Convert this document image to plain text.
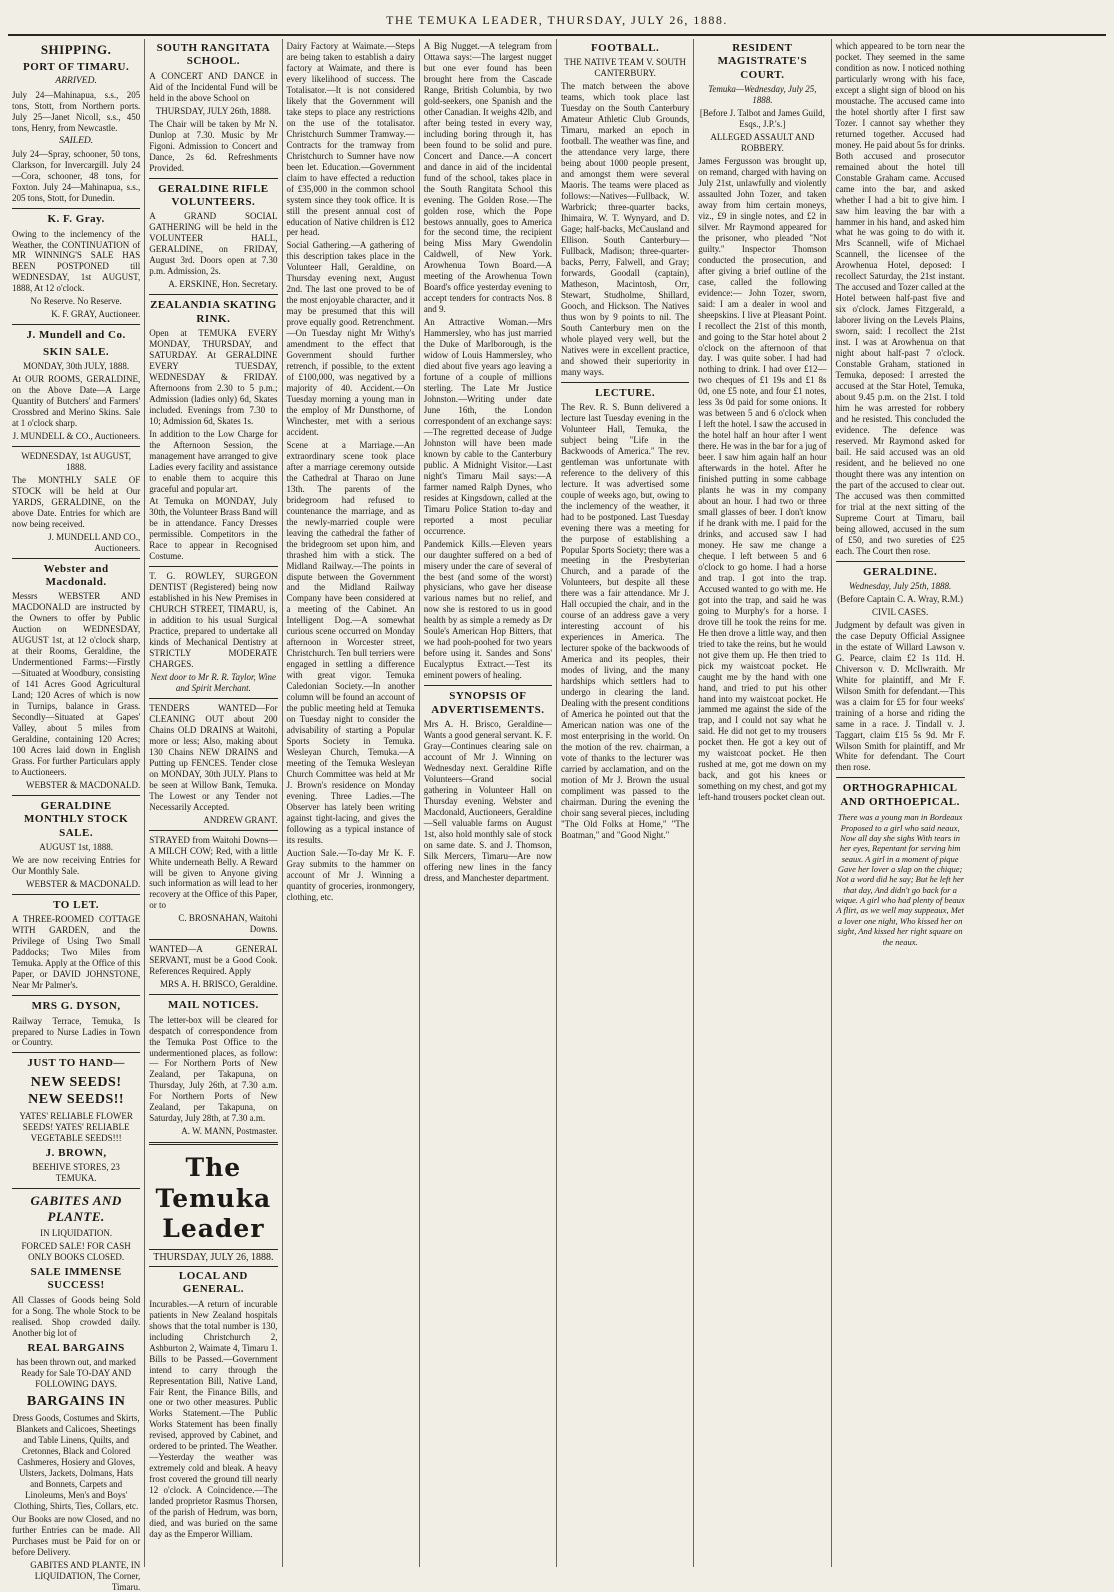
THE TEMUKA LEADER, THURSDAY, JULY 26, 1888.
SHIPPING.
PORT OF TIMARU.
ARRIVED.
July 24—Mahinapua, s.s., 205 tons, Stott, from Northern ports. July 25—Janet Nicoll, s.s., 450 tons, Henry, from Newcastle.
SAILED.
July 24—Spray, schooner, 50 tons, Clarkson, for Invercargill. July 24—Cora, schooner, 48 tons, for Foxton. July 24—Mahinapua, s.s., 205 tons, Stott, for Dunedin.
K. F. Gray.
Owing to the inclemency of the Weather, the CONTINUATION of MR WINNING'S SALE HAS BEEN POSTPONED till WEDNESDAY, 1st AUGUST, 1888, At 12 o'clock.
No Reserve. No Reserve.
K. F. GRAY, Auctioneer.
J. Mundell and Co.
SKIN SALE.
MONDAY, 30th JULY, 1888.
At OUR ROOMS, GERALDINE, on the Above Date—A Large Quantity of Butchers' and Farmers' Crossbred and Merino Skins. Sale at 1 o'clock sharp.
J. MUNDELL & CO., Auctioneers.
WEDNESDAY, 1st AUGUST, 1888.
The MONTHLY SALE OF STOCK will be held at Our YARDS, GERALDINE, on the above Date. Entries for which are now being received.
J. MUNDELL AND CO., Auctioneers.
Webster and Macdonald.
Messrs WEBSTER AND MACDONALD are instructed by the Owners to offer by Public Auction on WEDNESDAY, AUGUST 1st, at 12 o'clock sharp, at their Rooms, Geraldine, the Undermentioned Farms:—Firstly—Situated at Woodbury, consisting of 141 Acres Good Agricultural Land; 120 Acres of which is now in Turnips, balance in Grass. Secondly—Situated at Gapes' Valley, about 5 miles from Geraldine, containing 120 Acres; 100 Acres laid down in English Grass. For further Particulars apply to Auctioneers.
WEBSTER & MACDONALD.
GERALDINE MONTHLY STOCK SALE.
AUGUST 1st, 1888.
We are now receiving Entries for Our Monthly Sale.
WEBSTER & MACDONALD.
TO LET.
A THREE-ROOMED COTTAGE WITH GARDEN, and the Privilege of Using Two Small Paddocks; Two Miles from Temuka. Apply at the Office of this Paper, or DAVID JOHNSTONE, Near Mr Palmer's.
MRS G. DYSON,
Railway Terrace, Temuka, Is prepared to Nurse Ladies in Town or Country.
JUST TO HAND—
NEW SEEDS! NEW SEEDS!!
YATES' RELIABLE FLOWER SEEDS! YATES' RELIABLE VEGETABLE SEEDS!!!
J. BROWN,
BEEHIVE STORES, 23 TEMUKA.
GABITES AND PLANTE.
IN LIQUIDATION.
FORCED SALE! FOR CASH ONLY BOOKS CLOSED.
SALE IMMENSE SUCCESS!
All Classes of Goods being Sold for a Song. The whole Stock to be realised. Shop crowded daily. Another big lot of
REAL BARGAINS
has been thrown out, and marked Ready for Sale TO-DAY AND FOLLOWING DAYS.
BARGAINS IN
Dress Goods, Costumes and Skirts, Blankets and Calicoes, Sheetings and Table Linens, Quilts, and Cretonnes, Black and Colored Cashmeres, Hosiery and Gloves, Ulsters, Jackets, Dolmans, Hats and Bonnets, Carpets and Linoleums, Men's and Boys' Clothing, Shirts, Ties, Collars, etc.
Our Books are now Closed, and no further Entries can be made. All Purchases must be Paid for on or before Delivery.
GABITES AND PLANTE, IN LIQUIDATION, The Corner, Timaru.
SOUTH RANGITATA SCHOOL.
A CONCERT AND DANCE in Aid of the Incidental Fund will be held in the above School on
THURSDAY, JULY 26th, 1888.
The Chair will be taken by Mr N. Dunlop at 7.30. Music by Mr Figoni. Admission to Concert and Dance, 2s 6d. Refreshments Provided.
GERALDINE RIFLE VOLUNTEERS.
A GRAND SOCIAL GATHERING will be held in the VOLUNTEER HALL, GERALDINE, on FRIDAY, August 3rd. Doors open at 7.30 p.m. Admission, 2s.
A. ERSKINE, Hon. Secretary.
ZEALANDIA SKATING RINK.
Open at TEMUKA EVERY MONDAY, THURSDAY, and SATURDAY. At GERALDINE EVERY TUESDAY, WEDNESDAY & FRIDAY. Afternoons from 2.30 to 5 p.m.; Admission (ladies only) 6d, Skates included. Evenings from 7.30 to 10; Admission 6d, Skates 1s.
In addition to the Low Charge for the Afternoon Session, the management have arranged to give Ladies every facility and assistance to enable them to acquire this graceful and popular art.
At Temuka on MONDAY, July 30th, the Volunteer Brass Band will be in attendance. Fancy Dresses permissible. Competitors in the Race to appear in Recognised Costume.
T. G. ROWLEY, SURGEON DENTIST (Registered) being now established in his New Premises in CHURCH STREET, TIMARU, is, in addition to his usual Surgical Practice, prepared to undertake all kinds of Mechanical Dentistry at STRICTLY MODERATE CHARGES.
Next door to Mr R. R. Taylor, Wine and Spirit Merchant.
TENDERS WANTED—For CLEANING OUT about 200 Chains OLD DRAINS at Waitohi, more or less; Also, making about 130 Chains NEW DRAINS and Putting up FENCES. Tender close on MONDAY, 30th JULY. Plans to be seen at Willow Bank, Temuka. The Lowest or any Tender not Necessarily Accepted.
ANDREW GRANT.
STRAYED from Waitohi Downs—A MILCH COW; Red, with a little White underneath Belly. A Reward will be given to Anyone giving such information as will lead to her recovery at the Office of this Paper, or to
C. BROSNAHAN, Waitohi Downs.
WANTED—A GENERAL SERVANT, must be a Good Cook. References Required. Apply
MRS A. H. BRISCO, Geraldine.
MAIL NOTICES.
The letter-box will be cleared for despatch of correspondence from the Temuka Post Office to the undermentioned places, as follow:— For Northern Ports of New Zealand, per Takapuna, on Thursday, July 26th, at 7.30 a.m. For Northern Ports of New Zealand, per Takapuna, on Saturday, July 28th, at 7.30 a.m.
A. W. MANN, Postmaster.
The Temuka Leader
THURSDAY, JULY 26, 1888.
LOCAL AND GENERAL.
Incurables.—A return of incurable patients in New Zealand hospitals shows that the total number is 130, including Christchurch 2, Ashburton 2, Waimate 4, Timaru 1. Bills to be Passed.—Government intend to carry through the Representation Bill, Native Land, Fair Rent, the Finance Bills, and one or two other measures. Public Works Statement.—The Public Works Statement has been finally revised, approved by Cabinet, and ordered to be printed. The Weather.—Yesterday the weather was extremely cold and bleak. A heavy frost covered the ground till nearly 12 o'clock. A Coincidence.—The landed proprietor Rasmus Thorsen, of the parish of Hedrum, was born, died, and was buried on the same day as the Emperor William.
Dairy Factory at Waimate.—Steps are being taken to establish a dairy factory at Waimate, and there is every likelihood of success. The Totalisator.—It is not considered likely that the Government will take steps to place any restrictions on the use of the totalisator. Christchurch Summer Tramway.—Contracts for the tramway from Christchurch to Sumner have now been let. Education.—Government claim to have effected a reduction of £35,000 in the common school system since they took office. It is still the present annual cost of education of Native children is £12 per head.
Social Gathering.—A gathering of this description takes place in the Volunteer Hall, Geraldine, on Thursday evening next, August 2nd. The last one proved to be of the most enjoyable character, and it may be presumed that this will prove equally good. Retrenchment.—On Tuesday night Mr Withy's amendment to the effect that Government should further retrench, if possible, to the extent of £100,000, was negatived by a majority of 40. Accident.—On Tuesday morning a young man in the employ of Mr Dunsthorne, of Winchester, met with a serious accident.
Scene at a Marriage.—An extraordinary scene took place after a marriage ceremony outside the Cathedral at Tharao on June 13th. The parents of the bridegroom had refused to countenance the marriage, and as the newly-married couple were leaving the cathedral the father of the bridegroom set upon him, and thrashed him with a stick. The Midland Railway.—The points in dispute between the Government and the Midland Railway Company have been considered at a meeting of the Cabinet. An Intelligent Dog.—A somewhat curious scene occurred on Monday afternoon in Worcester street, Christchurch. Ten bull terriers were engaged in settling a difference with great vigor. Temuka Caledonian Society.—In another column will be found an account of the public meeting held at Temuka on Tuesday night to consider the advisability of starting a Popular Sports Society in Temuka. Wesleyan Church, Temuka.—A meeting of the Temuka Wesleyan Church Committee was held at Mr J. Brown's residence on Monday evening. Three Ladies.—The Observer has lately been writing against tight-lacing, and gives the following as a typical instance of its results.
Auction Sale.—To-day Mr K. F. Gray submits to the hammer on account of Mr J. Winning a quantity of groceries, ironmongery, clothing, etc.
A Big Nugget.—A telegram from Ottawa says:—The largest nugget but one ever found has been brought here from the Cascade Range, British Columbia, by two gold-seekers, one Spanish and the other Canadian. It weighs 42lb, and after being tested in every way, including boring through it, has been found to be solid and pure. Concert and Dance.—A concert and dance in aid of the incidental fund of the school, takes place in the South Rangitata School this evening. The Golden Rose.—The golden rose, which the Pope bestows annually, goes to America for the second time, the recipient being Miss Mary Gwendolin Caldwell, of New York. Arowhenua Town Board.—A meeting of the Arowhenua Town Board's office yesterday evening to accept tenders for contracts Nos. 8 and 9.
An Attractive Woman.—Mrs Hammersley, who has just married the Duke of Marlborough, is the widow of Louis Hammersley, who died about five years ago leaving a fortune of a couple of millions sterling. The Late Mr Justice Johnston.—Writing under date June 16th, the London correspondent of an exchange says:—The regretted decease of Judge Johnston will have been made known by cable to the Canterbury public. A Midnight Visitor.—Last night's Timaru Mail says:—A farmer named Ralph Dynes, who resides at Kingsdown, called at the Timaru Police Station to-day and reported a most peculiar occurrence.
Pandemick Kills.—Eleven years our daughter suffered on a bed of misery under the care of several of the best (and some of the worst) physicians, who gave her disease various names but no relief, and now she is restored to us in good health by as simple a remedy as Dr Soule's American Hop Bitters, that we had pooh-poohed for two years before using it. Sandes and Sons' Eucalyptus Extract.—Test its eminent powers of healing.
SYNOPSIS OF ADVERTISEMENTS.
Mrs A. H. Brisco, Geraldine—Wants a good general servant. K. F. Gray—Continues clearing sale on account of Mr J. Winning on Wednesday next. Geraldine Rifle Volunteers—Grand social gathering in Volunteer Hall on Thursday evening. Webster and Macdonald, Auctioneers, Geraldine—Sell valuable farms on August 1st, also hold monthly sale of stock on same date. S. and J. Thomson, Silk Mercers, Timaru—Are now offering new lines in the fancy dress, and Manchester department.
FOOTBALL.
THE NATIVE TEAM V. SOUTH CANTERBURY.
The match between the above teams, which took place last Tuesday on the South Canterbury Amateur Athletic Club Grounds, Timaru, marked an epoch in football. The weather was fine, and the attendance very large, there being about 1000 people present, and amongst them were several Maoris. The teams were placed as follows:—Natives—Fullback, W. Warbrick; three-quarter backs, Ihimaira, W. T. Wynyard, and D. Gage; half-backs, McCausland and Ellison. South Canterbury—Fullback, Madison; three-quarter-backs, Perry, Falwell, and Gray; forwards, Goodall (captain), Matheson, Macintosh, Orr, Stewart, Studholme, Shillard, Gooch, and Hickson. The Natives thus won by 9 points to nil. The South Canterbury men on the whole played very well, but the Natives were in excellent practice, and showed their superiority in many ways.
LECTURE.
The Rev. R. S. Bunn delivered a lecture last Tuesday evening in the Volunteer Hall, Temuka, the subject being "Life in the Backwoods of America." The rev. gentleman was unfortunate with reference to the delivery of this lecture. It was advertised some couple of weeks ago, but, owing to the inclemency of the weather, it had to be postponed. Last Tuesday evening there was a meeting for the purpose of establishing a Popular Sports Society; there was a meeting in the Presbyterian Church, and a parade of the Volunteers, but despite all these there was a fair attendance. Mr J. Hall occupied the chair, and in the course of an address gave a very interesting account of his experiences in America. The lecturer spoke of the backwoods of America and its peoples, their modes of living, and the many hardships which settlers had to undergo in clearing the land. Dealing with the present conditions of America he pointed out that the American nation was one of the most enterprising in the world. On the motion of the rev. chairman, a vote of thanks to the lecturer was carried by acclamation, and on the motion of Mr J. Brown the usual compliment was passed to the chairman. During the evening the choir sang several pieces, including "The Old Folks at Home," "The Boatman," and "Good Night."
RESIDENT MAGISTRATE'S COURT.
Temuka—Wednesday, July 25, 1888.
[Before J. Talbot and James Guild, Esqs., J.P.'s.]
ALLEGED ASSAULT AND ROBBERY.
James Fergusson was brought up, on remand, charged with having on July 21st, unlawfully and violently assaulted John Tozer, and taken away from him certain moneys, viz., £9 in single notes, and £2 in silver. Mr Raymond appeared for the prisoner, who pleaded "Not guilty." Inspector Thomson conducted the prosecution, and after giving a brief outline of the case, called the following evidence:— John Tozer, sworn, said: I am a dealer in wool and sheepskins. I live at Pleasant Point. I recollect the 21st of this month, and going to the Star hotel about 2 o'clock on the afternoon of that day. I was quite sober. I had had nothing to drink. I had over £12—two cheques of £1 19s and £1 8s 0d, one £5 note, and four £1 notes, less 3s 0d paid for some onions. It was between 5 and 6 o'clock when I left the hotel. I saw the accused in the hotel half an hour after I went there. He was in the bar for a jug of beer. I saw him again half an hour afterwards in the hotel. After he finished putting in some cabbage plants he was in my company about an hour. I had two or three small glasses of beer. I don't know if he drank with me. I paid for the drinks, and accused saw I had money. He saw me change a cheque. I left between 5 and 6 o'clock to go home. I had a horse and trap. I got into the trap. Accused wanted to go with me. He got into the trap, and said he was going to Murphy's for a horse. I drove till he took the reins for me. He then drove a little way, and then tried to take the reins, but he would not give them up. He then tried to pick my waistcoat pocket. He caught me by the hand with one hand, and tried to put his other hand into my waistcoat pocket. He jammed me against the side of the trap, and I could not say what he said. He did not get to my trousers pocket then. He got a key out of my waistcoat pocket. He then rushed at me, got me down on my back, and got his knees or something on my chest, and got my left-hand trousers pocket clean out.
which appeared to be torn near the pocket. They seemed in the same condition as now. I noticed nothing particularly wrong with his face, except a slight sign of blood on his moustache. The accused came into the hotel shortly after I first saw Tozer. I cannot say whether they returned together. Accused had money. He paid about 5s for drinks. Both accused and prosecutor remained about the hotel till Constable Graham came. Accused came into the bar, and asked whether I had a bit to give him. I saw him leaving the bar with a hammer in his hand, and asked him what he was going to do with it. Mrs Scannell, wife of Michael Scannell, the licensee of the Arowhenua Hotel, deposed: I recollect Saturday, the 21st instant. The accused and Tozer called at the Hotel between half-past five and six o'clock. James Fitzgerald, a laborer living on the Levels Plains, sworn, said: I recollect the 21st inst. I was at Arowhenua on that night about half-past 7 o'clock. Constable Graham, stationed in Temuka, deposed: I arrested the accused at the Star Hotel, Temuka, about 9.45 p.m. on the 21st. I told him he was arrested for robbery and he resisted. This concluded the evidence. The defence was reserved. Mr Raymond asked for bail. He said accused was an old resident, and he believed no one thought there was any intention on the part of the accused to clear out. The accused was then committed for trial at the next sitting of the Supreme Court at Timaru, bail being allowed, accused in the sum of £50, and two sureties of £25 each. The Court then rose.
GERALDINE.
Wednesday, July 25th, 1888.
(Before Captain C. A. Wray, R.M.)
CIVIL CASES.
Judgment by default was given in the case Deputy Official Assignee in the estate of Willard Lawson v. G. Pearce, claim £2 1s 11d. H. Chiverson v. D. McIlwraith. Mr White for plaintiff, and Mr F. Wilson Smith for defendant.—This was a claim for £5 for four weeks' training of a horse and riding the same in a race. J. Tindall v. J. Taggart, claim £15 5s 9d. Mr F. Wilson Smith for plaintiff, and Mr White for defendant. The Court then rose.
ORTHOGRAPHICAL AND ORTHOEPICAL.
There was a young man in Bordeaux Proposed to a girl who said neaux, Now all day she sighs With tears in her eyes, Repentant for serving him seaux. A girl in a moment of pique Gave her lover a slap on the chique; Not a word did he say; But he left her that day, And didn't go back for a wique. A girl who had plenty of beaux A flirt, as we well may suppeaux, Met a lover one night, Who kissed her on sight, And kissed her right square on the neaux.
